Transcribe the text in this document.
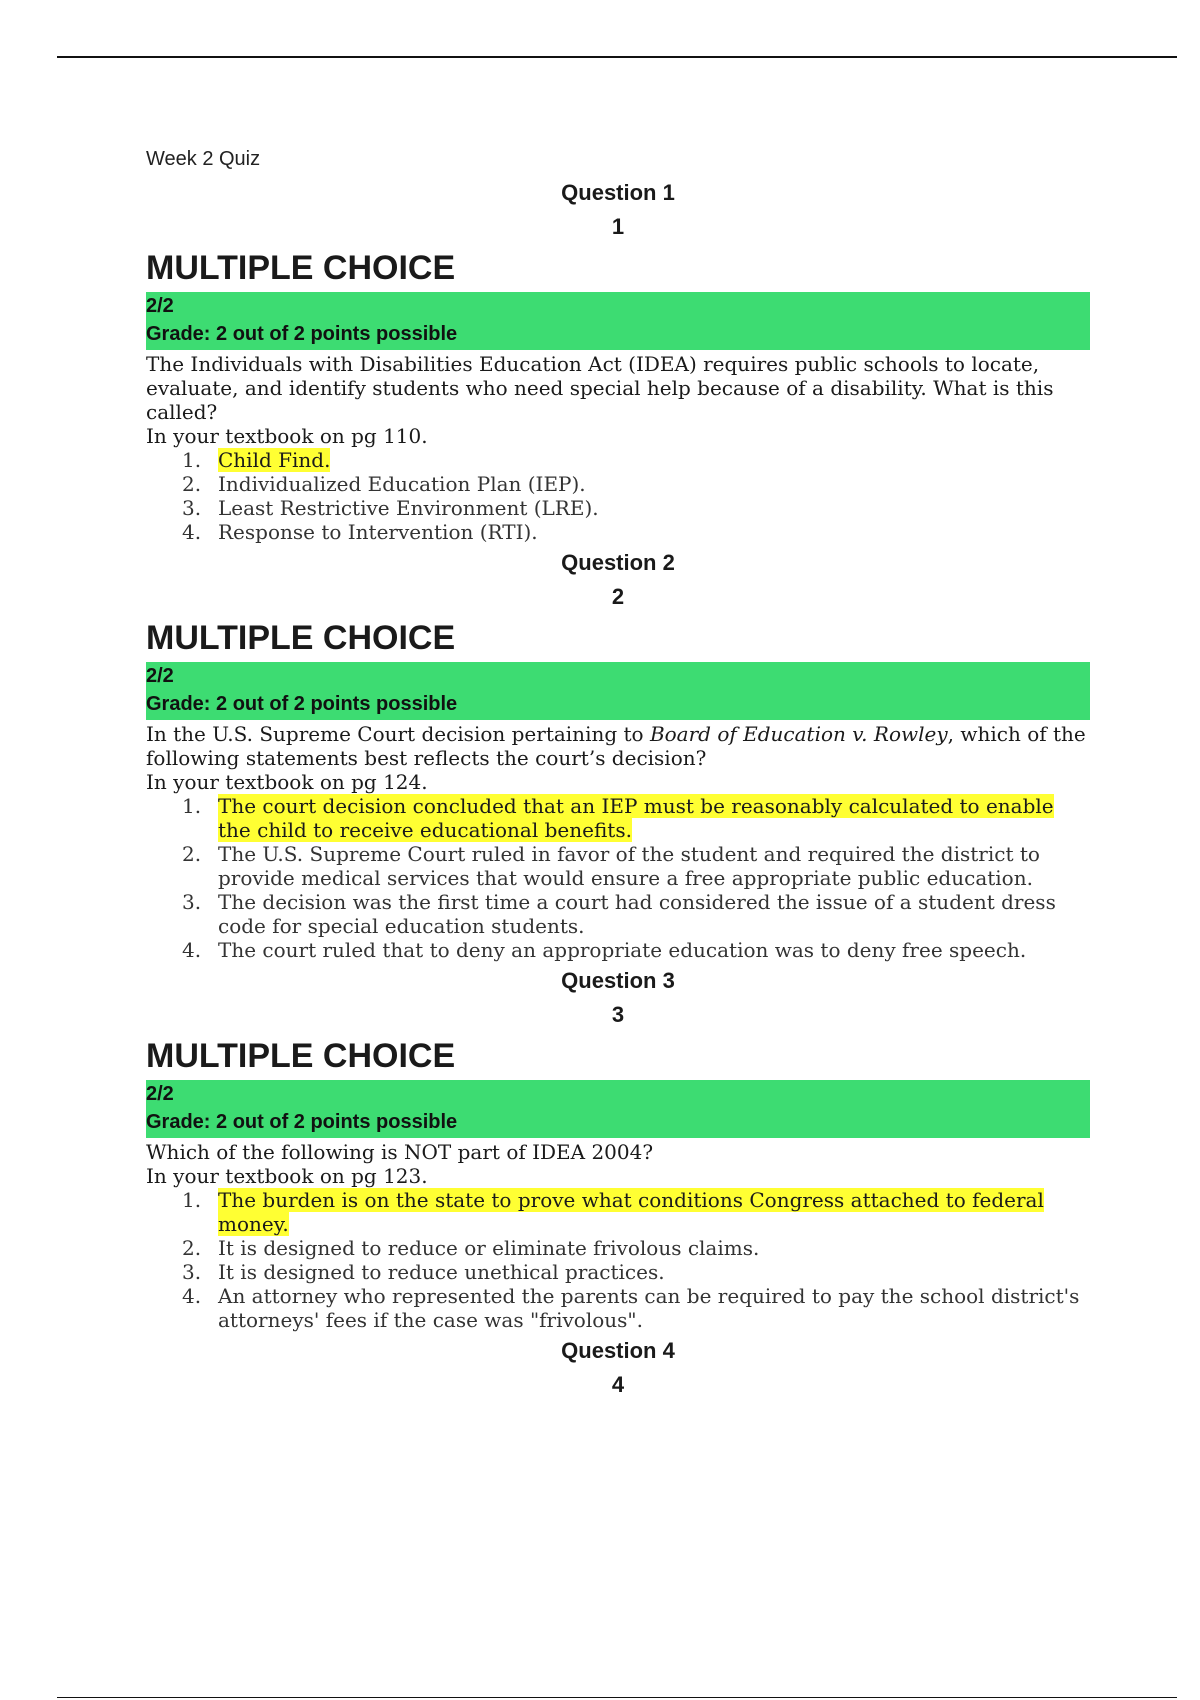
Week 2 Quiz
Question 1
1
MULTIPLE CHOICE
2/2
Grade: 2 out of 2 points possible

The Individuals with Disabilities Education Act (IDEA) requires public schools to locate, evaluate, and identify students who need special help because of a disability. What is this called?

In your textbook on pg 110.

1. Child Find.
2. Individualized Education Plan (IEP).
3. Least Restrictive Environment (LRE).
4. Response to Intervention (RTI).
Question 2
2
MULTIPLE CHOICE
2/2
Grade: 2 out of 2 points possible

In the U.S. Supreme Court decision pertaining to Board of Education v. Rowley, which of the following statements best reflects the court’s decision?

In your textbook on pg 124.

1. The court decision concluded that an IEP must be reasonably calculated to enable the child to receive educational benefits.
2. The U.S. Supreme Court ruled in favor of the student and required the district to provide medical services that would ensure a free appropriate public education.
3. The decision was the first time a court had considered the issue of a student dress code for special education students.
4. The court ruled that to deny an appropriate education was to deny free speech.
Question 3
3
MULTIPLE CHOICE
2/2
Grade: 2 out of 2 points possible

Which of the following is NOT part of IDEA 2004?

In your textbook on pg 123.

1. The burden is on the state to prove what conditions Congress attached to federal money.
2. It is designed to reduce or eliminate frivolous claims.
3. It is designed to reduce unethical practices.
4. An attorney who represented the parents can be required to pay the school district's attorneys' fees if the case was "frivolous".
Question 4
4
